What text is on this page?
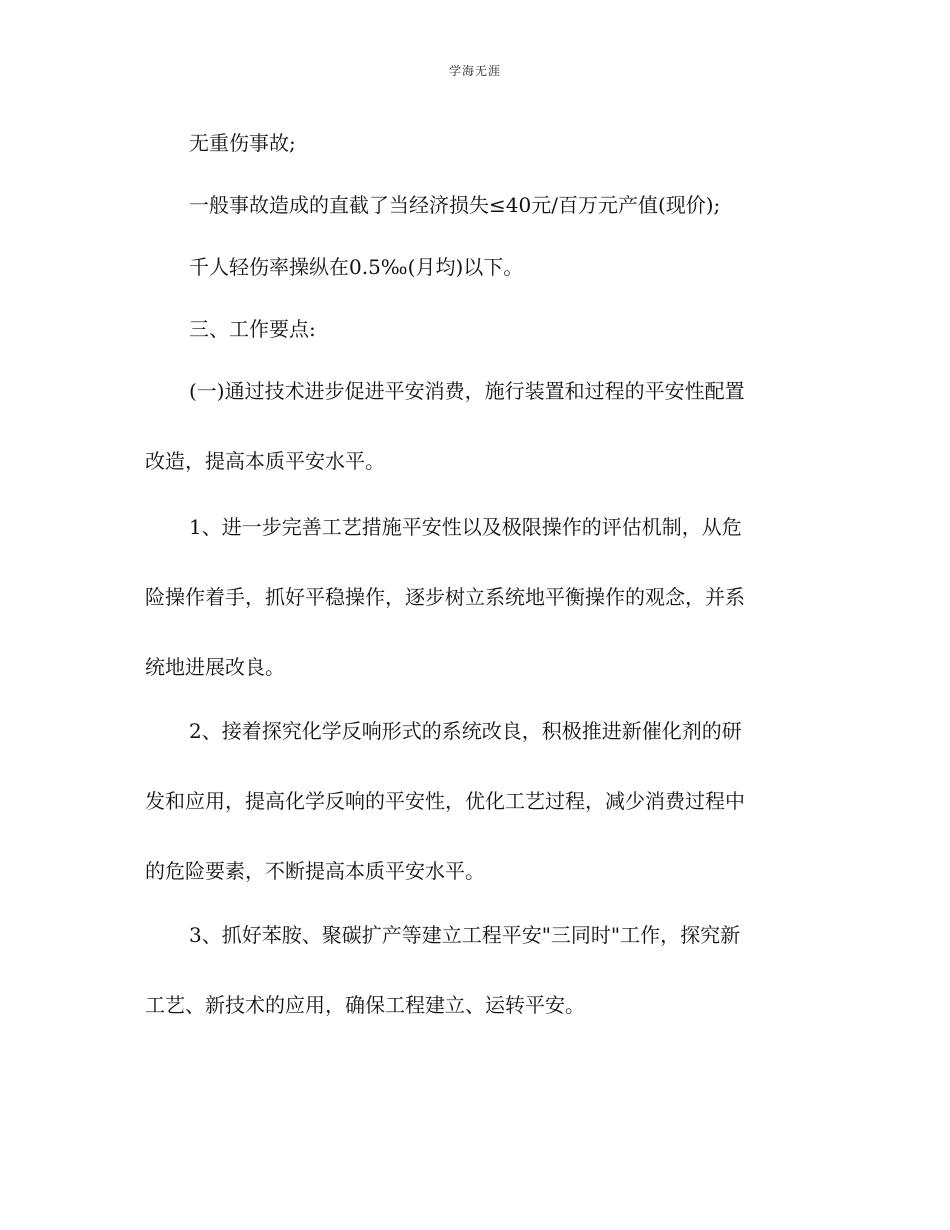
学海无涯
无重伤事故;
一般事故造成的直截了当经济损失≤40元/百万元产值(现价);
千人轻伤率操纵在0.5‰(月均)以下。
三、工作要点:
(一)通过技术进步促进平安消费，施行装置和过程的平安性配置
改造，提高本质平安水平。
1、进一步完善工艺措施平安性以及极限操作的评估机制，从危
险操作着手，抓好平稳操作，逐步树立系统地平衡操作的观念，并系
统地进展改良。
2、接着探究化学反响形式的系统改良，积极推进新催化剂的研
发和应用，提高化学反响的平安性，优化工艺过程，减少消费过程中
的危险要素，不断提高本质平安水平。
3、抓好苯胺、聚碳扩产等建立工程平安"三同时"工作，探究新
工艺、新技术的应用，确保工程建立、运转平安。
